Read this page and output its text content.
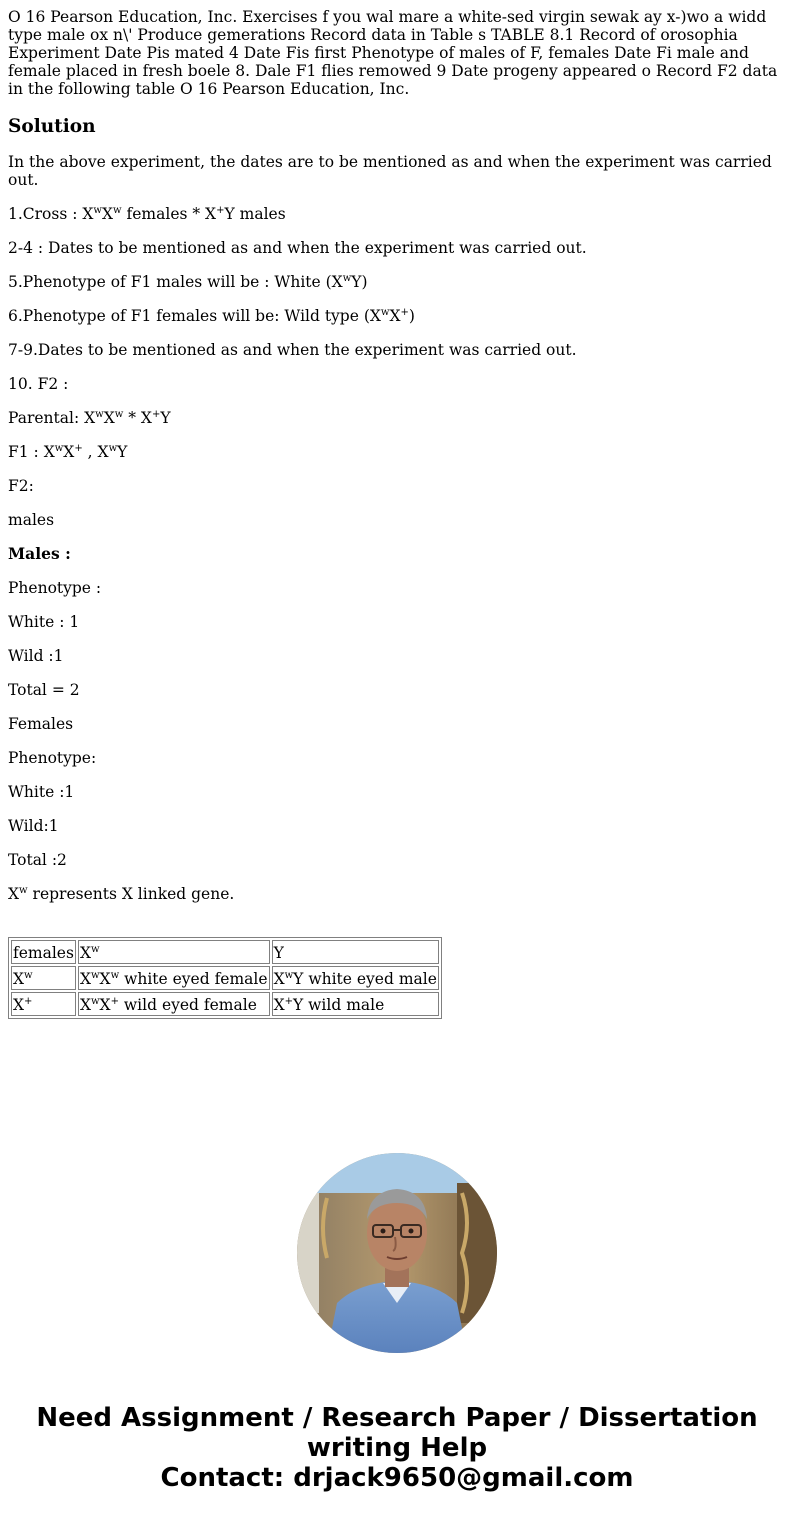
O 16 Pearson Education, Inc. Exercises f you wal mare a white-sed virgin sewak ay x-)wo a widd type male ox n\' Produce gemerations Record data in Table s TABLE 8.1 Record of orosophia Experiment Date Pis mated 4 Date Fis first Phenotype of males of F, females Date Fi male and female placed in fresh boele 8. Dale F1 flies remowed 9 Date progeny appeared o Record F2 data in the following table O 16 Pearson Education, Inc.

Solution

In the above experiment, the dates are to be mentioned as and when the experiment was carried out.

1.Cross : $X^wX^w$ females * X+Y males

2-4 : Dates to be mentioned as and when the experiment was carried out.

5.Phenotype of F1 males will be : White $(X^wY)$

6.Phenotype of F1 females will be: Wild type $(X^wX^+)$

7-9.Dates to be mentioned as and when the experiment was carried out.

10. F2 :

Parental: $X^wX^w * X^+Y$

F1 : $X^wX^+$ , $X^wY$

F2:

males

Males :

Phenotype :

White : 1

Wild :1

Total = 2

Females

Phenotype:

White :1

Wild:1

Total :2

$X^w$ represents X linked gene.

females	$X^w$	Y
$X^w$	$X^wX^w$ white eyed female	$X^wY$ white eyed male
X+	$X^wX^+$ wild eyed female	X+Y wild male
Need Assignment / Research Paper / Dissertation
writing Help
Contact: drjack9650@gmail.com
